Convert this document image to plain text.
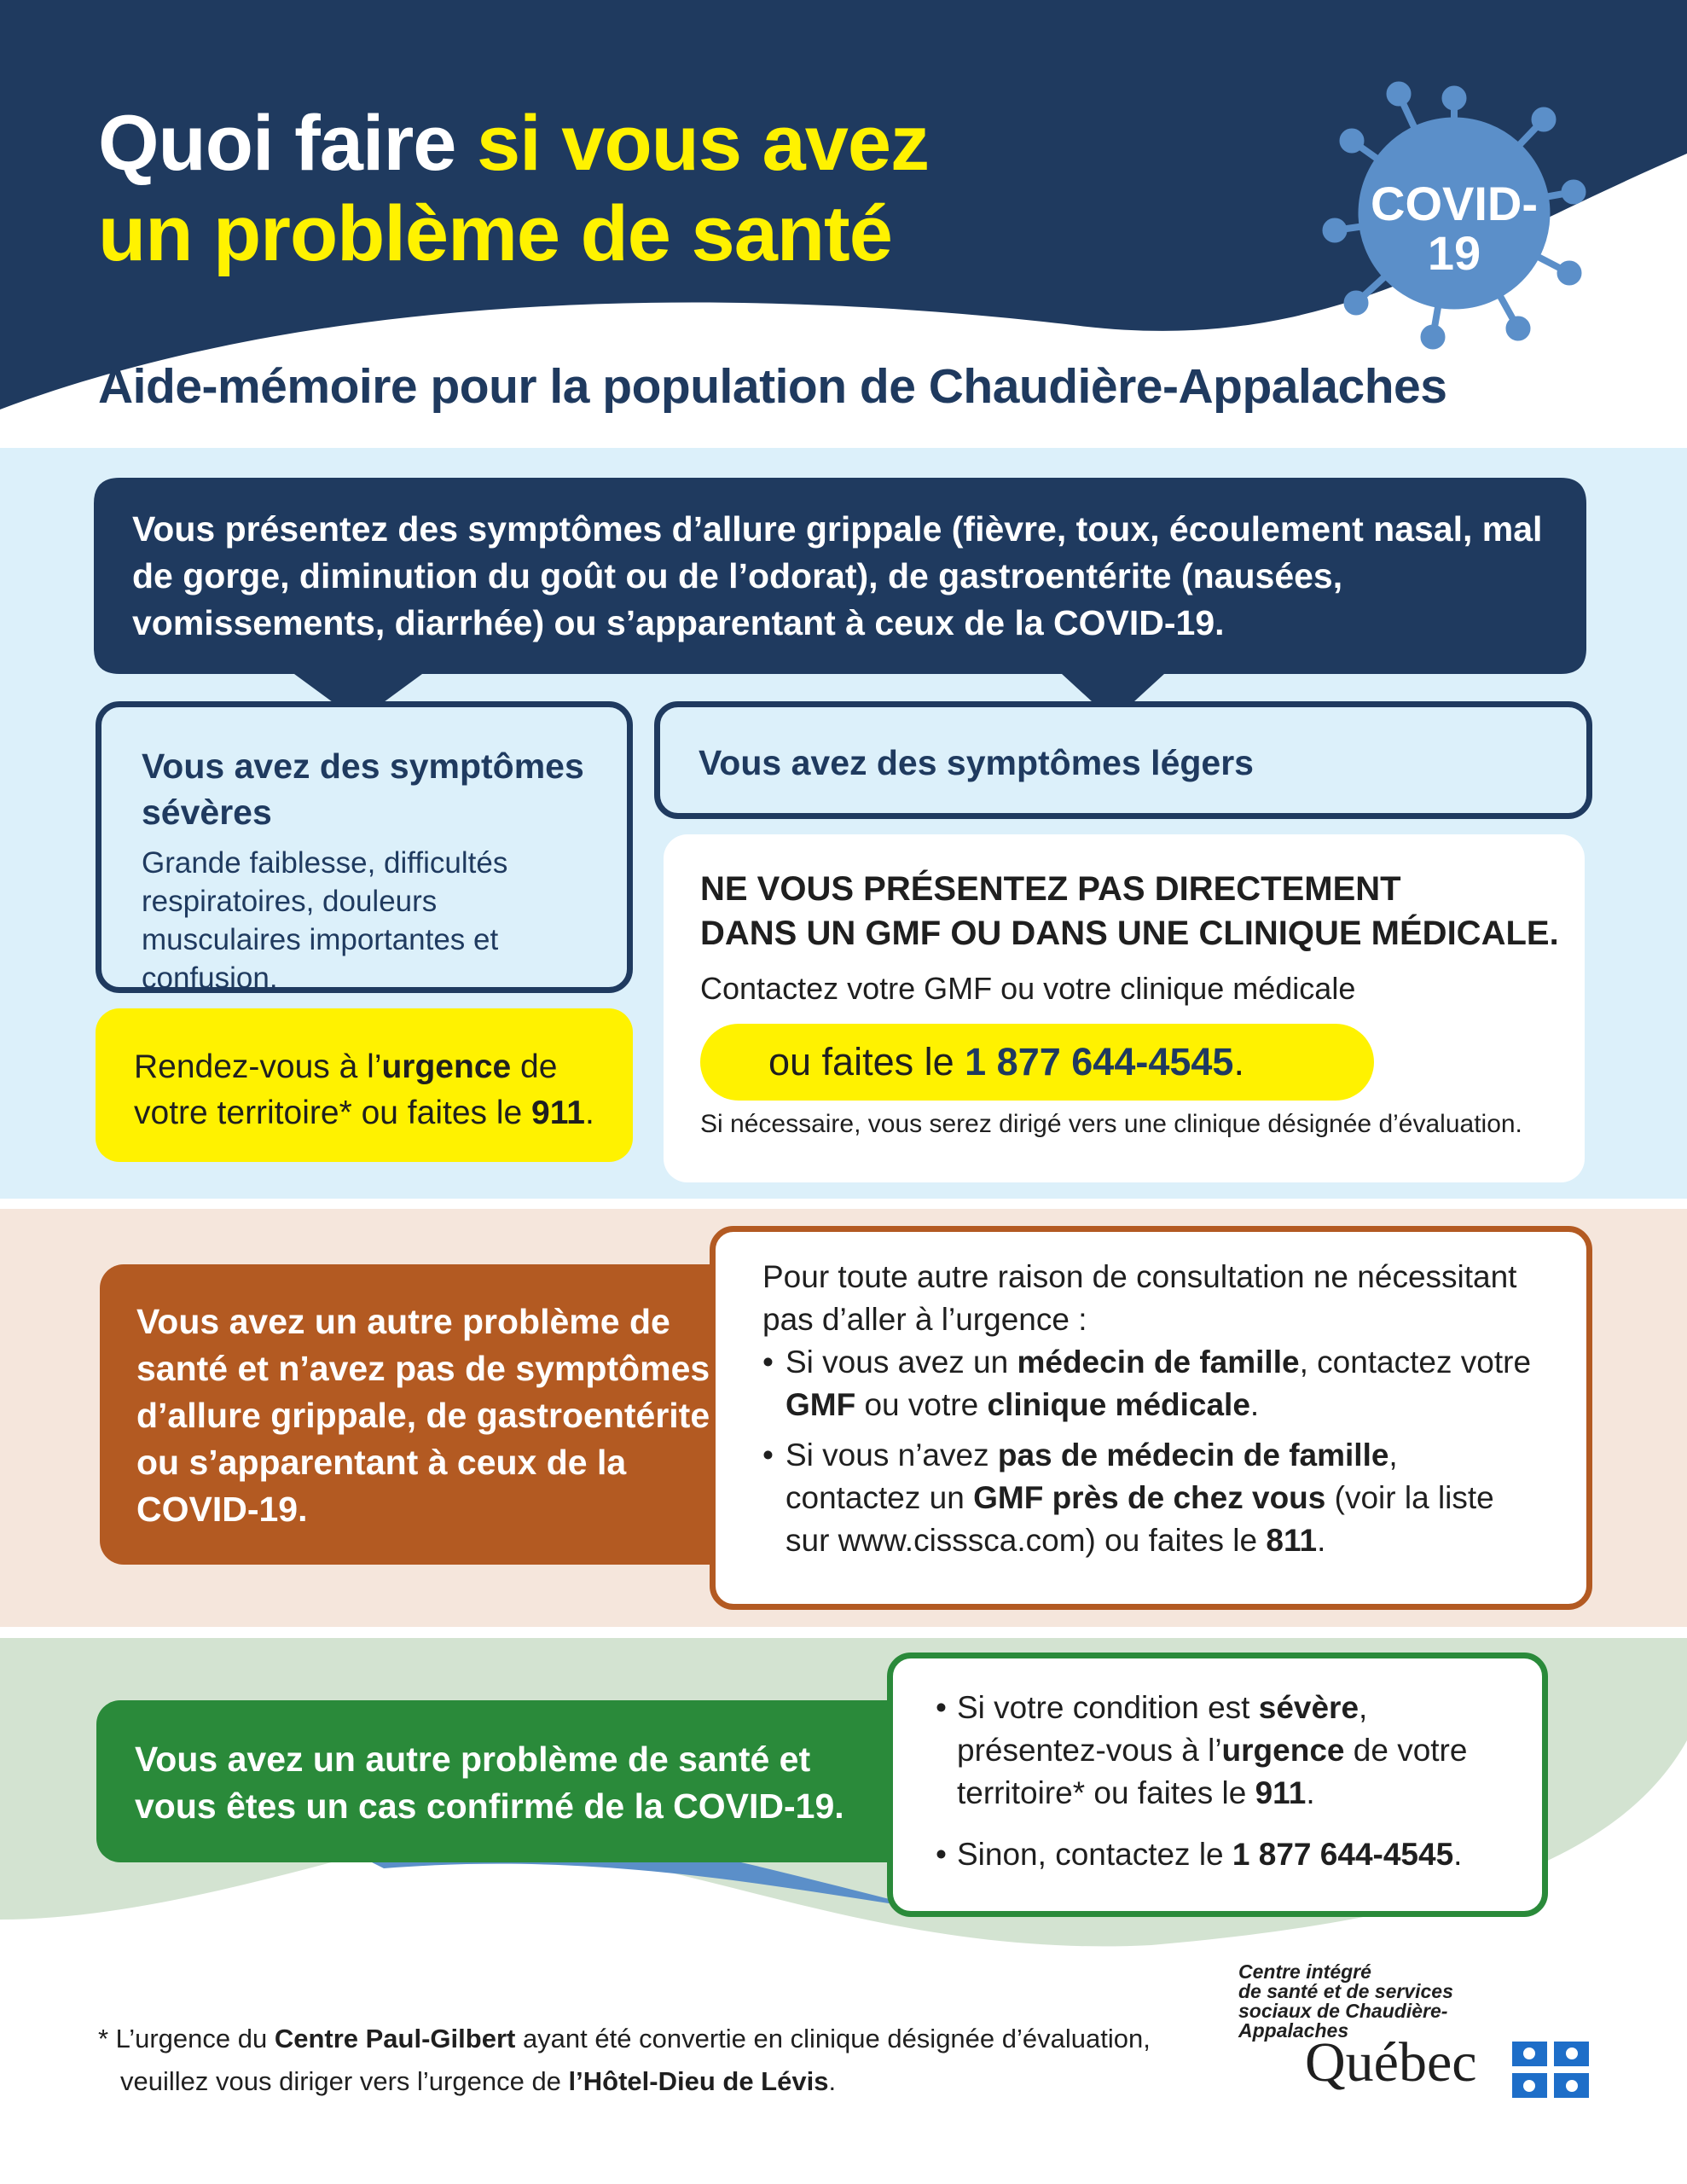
Quoi faire si vous avez
un problème de santé	COVID-
19
Aide-mémoire pour la population de Chaudière-Appalaches

Vous présentez des symptômes d’allure grippale (fièvre, toux, écoulement nasal, mal de gorge, diminution du goût ou de l’odorat), de gastroentérite (nausées, vomissements, diarrhée) ou s’apparentant à ceux de la COVID-19.

Vous avez des symptômes sévères

Grande faiblesse, difficultés respiratoires, douleurs musculaires importantes et confusion.

Rendez-vous à l’urgence de votre territoire* ou faites le 911.

Vous avez des symptômes légers

NE VOUS PRÉSENTEZ PAS DIRECTEMENT
DANS UN GMF OU DANS UNE CLINIQUE MÉDICALE.

Contactez votre GMF ou votre clinique médicale

ou faites le 1 877 644-4545.

Si nécessaire, vous serez dirigé vers une clinique désignée d’évaluation.

Vous avez un autre problème de santé et n’avez pas de symptômes d’allure grippale, de gastroentérite ou s’apparentant à ceux de la COVID-19.

Pour toute autre raison de consultation ne nécessitant pas d’aller à l’urgence :

• Si vous avez un médecin de famille, contactez votre GMF ou votre clinique médicale.

• Si vous n’avez pas de médecin de famille, contactez un GMF près de chez vous (voir la liste sur www.cisssca.com) ou faites le 811.

Vous avez un autre problème de santé et vous êtes un cas confirmé de la COVID-19.

• Si votre condition est sévère, présentez-vous à l’urgence de votre territoire* ou faites le 911.

• Sinon, contactez le 1 877 644-4545.

* L’urgence du Centre Paul-Gilbert ayant été convertie en clinique désignée d’évaluation,
veuillez vous diriger vers l’urgence de l’Hôtel-Dieu de Lévis.

Centre intégré
de santé et de services
sociaux de Chaudière-
Appalaches
Québec
